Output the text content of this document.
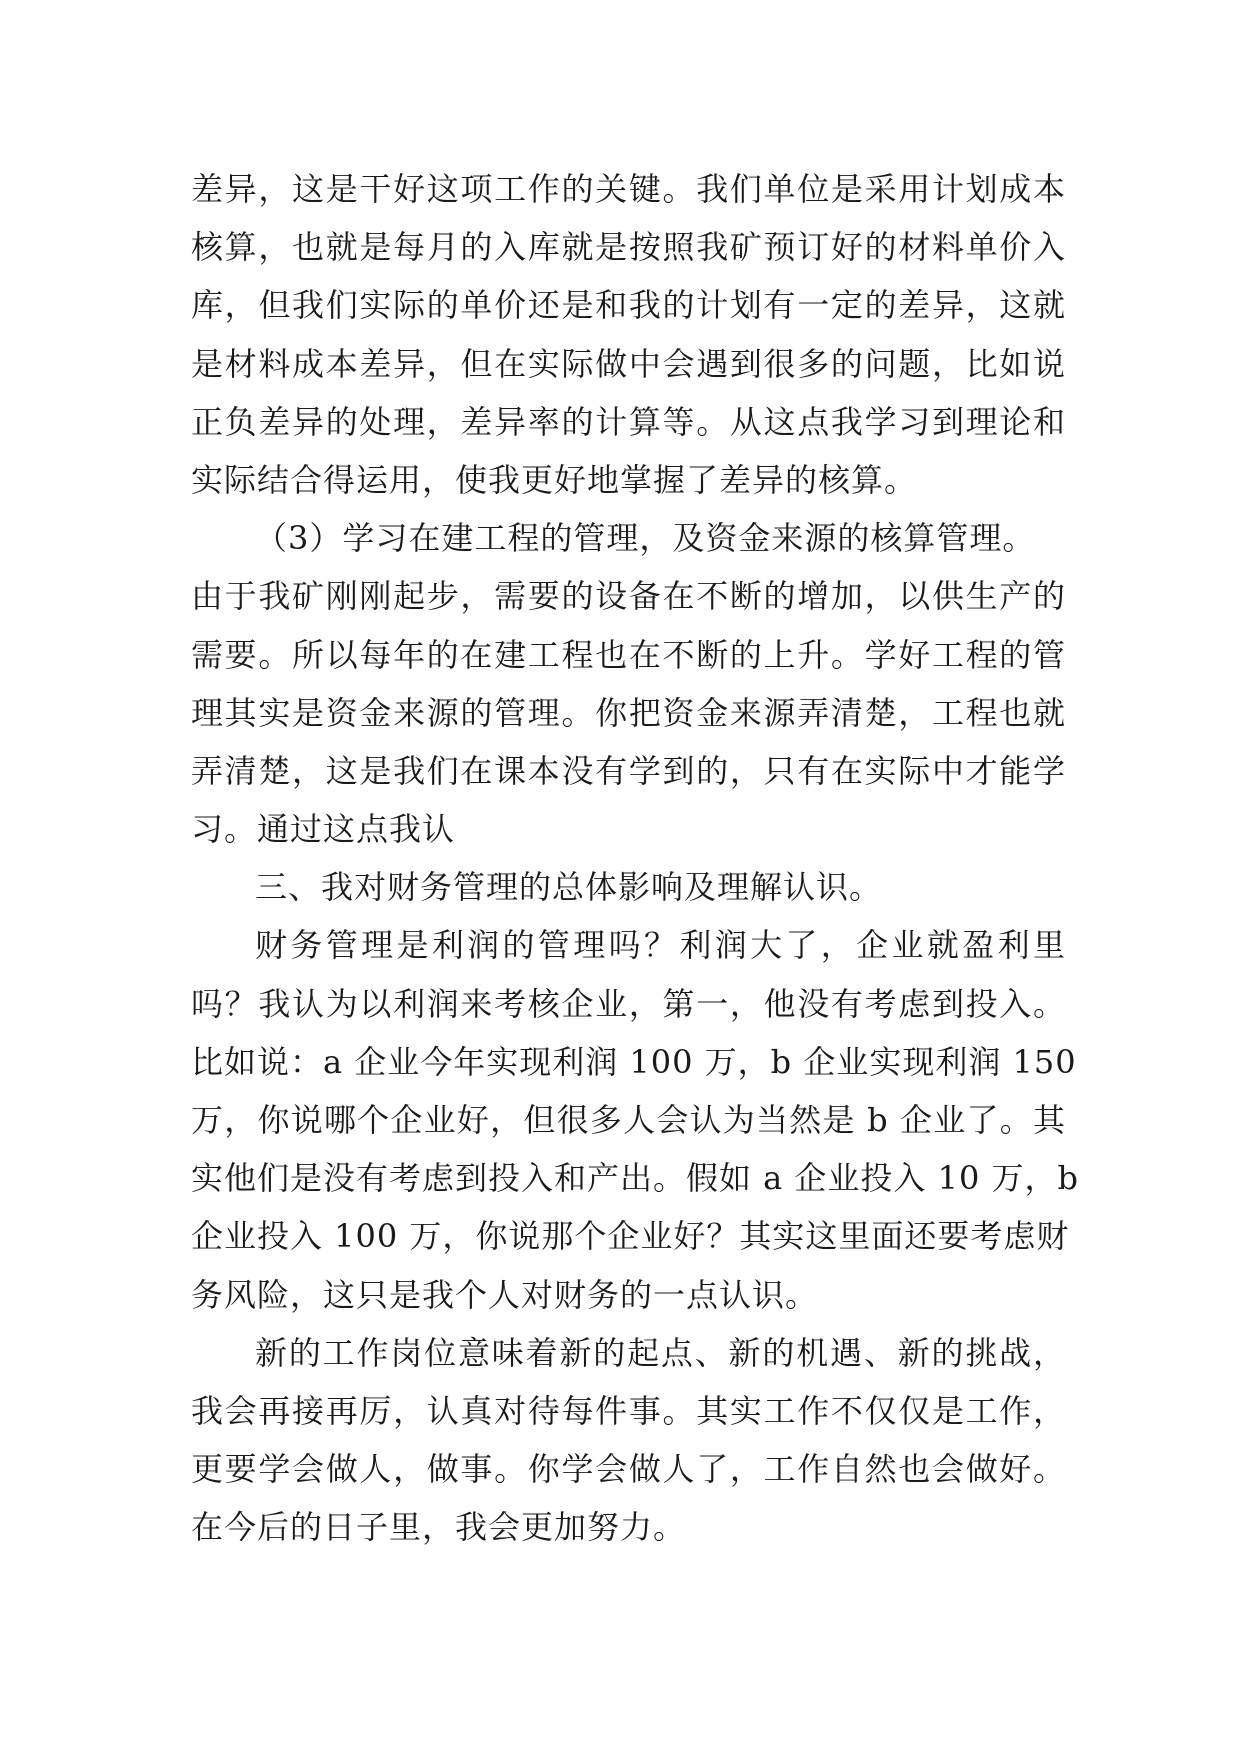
差异，这是干好这项工作的关键。我们单位是采用计划成本
核算，也就是每月的入库就是按照我矿预订好的材料单价入
库，但我们实际的单价还是和我的计划有一定的差异，这就
是材料成本差异，但在实际做中会遇到很多的问题，比如说
正负差异的处理，差异率的计算等。从这点我学习到理论和
实际结合得运用，使我更好地掌握了差异的核算。
（3）学习在建工程的管理，及资金来源的核算管理。
由于我矿刚刚起步，需要的设备在不断的增加，以供生产的
需要。所以每年的在建工程也在不断的上升。学好工程的管
理其实是资金来源的管理。你把资金来源弄清楚，工程也就
弄清楚，这是我们在课本没有学到的，只有在实际中才能学
习。通过这点我认
三、我对财务管理的总体影响及理解认识。
财务管理是利润的管理吗？利润大了，企业就盈利里
吗？我认为以利润来考核企业，第一，他没有考虑到投入。
比如说：a 企业今年实现利润 100 万，b 企业实现利润 150
万，你说哪个企业好，但很多人会认为当然是 b 企业了。其
实他们是没有考虑到投入和产出。假如 a 企业投入 10 万，b
企业投入 100 万，你说那个企业好？其实这里面还要考虑财
务风险，这只是我个人对财务的一点认识。
新的工作岗位意味着新的起点、新的机遇、新的挑战，
我会再接再厉，认真对待每件事。其实工作不仅仅是工作，
更要学会做人，做事。你学会做人了，工作自然也会做好。
在今后的日子里，我会更加努力。
